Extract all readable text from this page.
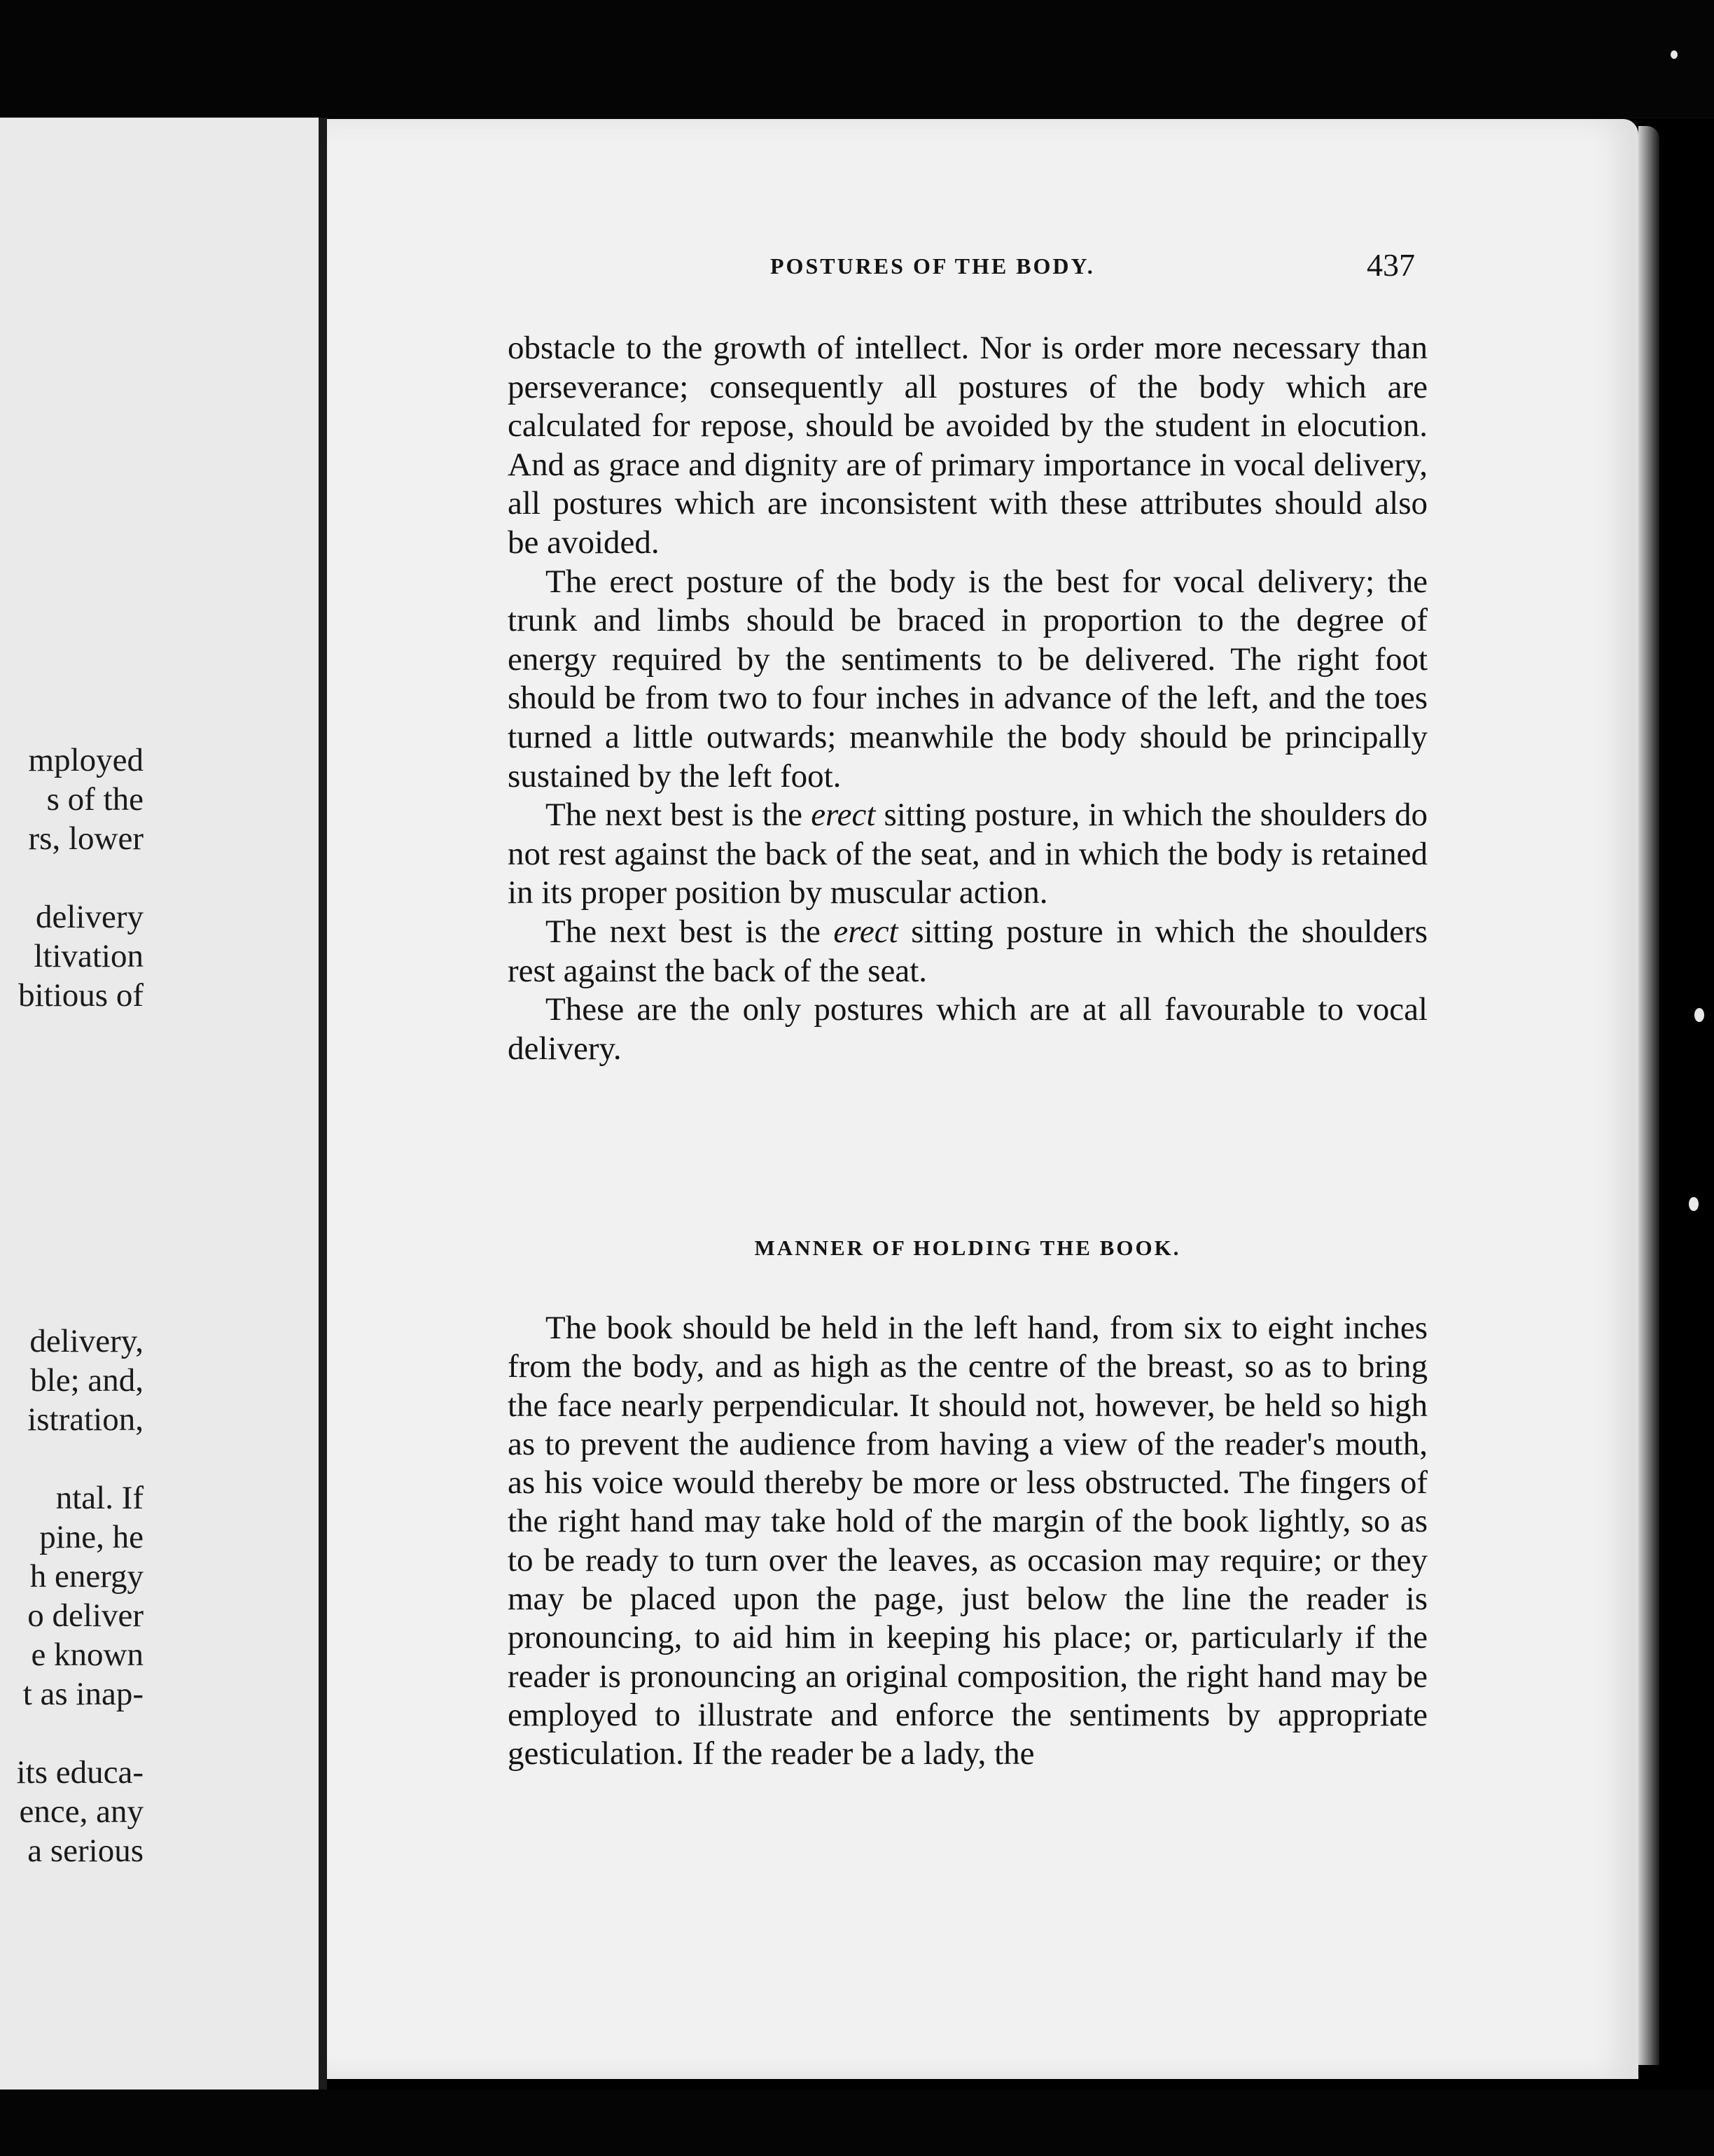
mployed
s of the
rs, lower
delivery
ltivation
bitious of
delivery,
ble; and,
istration,
ntal. If
pine, he
h energy
o deliver
e known
t as inap-
its educa-
ence, any
a serious
POSTURES OF THE BODY.	437

obstacle to the growth of intellect. Nor is order more necessary than perseverance; consequently all postures of the body which are calculated for repose, should be avoided by the student in elocution. And as grace and dignity are of primary importance in vocal delivery, all postures which are inconsistent with these attributes should also be avoided.

The erect posture of the body is the best for vocal delivery; the trunk and limbs should be braced in proportion to the degree of energy required by the sentiments to be delivered. The right foot should be from two to four inches in advance of the left, and the toes turned a little outwards; meanwhile the body should be principally sustained by the left foot.

The next best is the erect sitting posture, in which the shoulders do not rest against the back of the seat, and in which the body is retained in its proper position by muscular action.

The next best is the erect sitting posture in which the shoulders rest against the back of the seat.

These are the only postures which are at all favourable to vocal delivery.

MANNER OF HOLDING THE BOOK.

The book should be held in the left hand, from six to eight inches from the body, and as high as the centre of the breast, so as to bring the face nearly perpendicular. It should not, however, be held so high as to prevent the audience from having a view of the reader's mouth, as his voice would thereby be more or less obstructed. The fingers of the right hand may take hold of the margin of the book lightly, so as to be ready to turn over the leaves, as occasion may require; or they may be placed upon the page, just below the line the reader is pronouncing, to aid him in keeping his place; or, particularly if the reader is pronouncing an original composition, the right hand may be employed to illustrate and enforce the sentiments by appropriate gesticulation. If the reader be a lady, the
